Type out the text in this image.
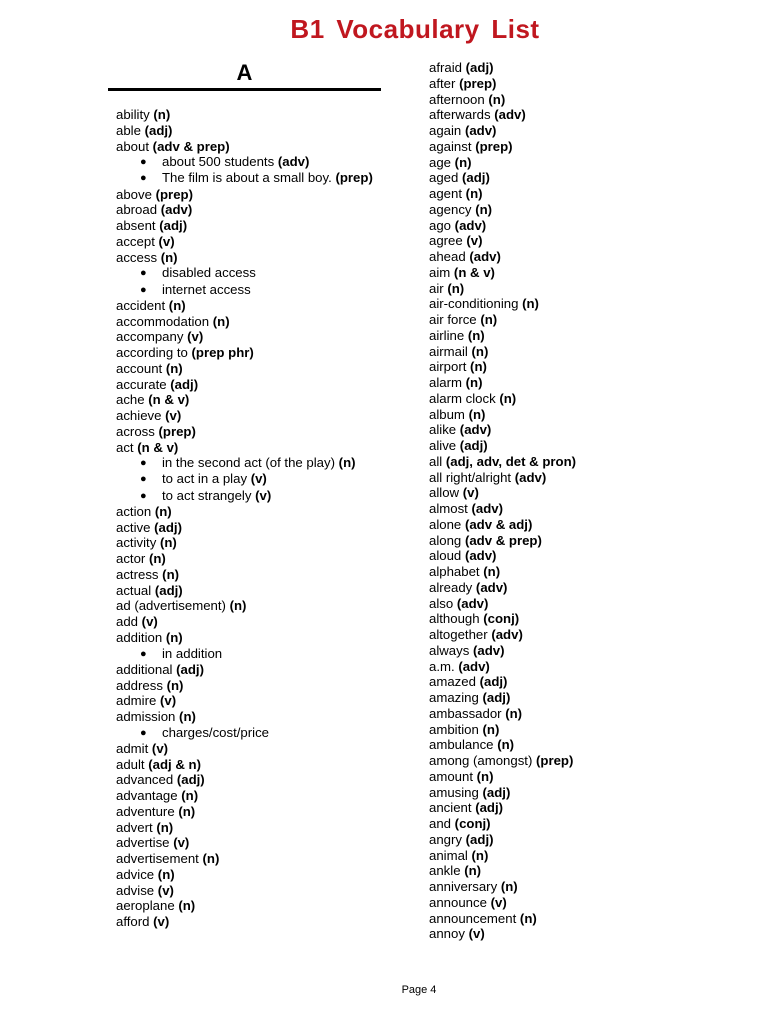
B1 Vocabulary List
A
ability (n)
able (adj)
about (adv & prep)
● about 500 students (adv)
● The film is about a small boy. (prep)
above (prep)
abroad (adv)
absent (adj)
accept (v)
access (n)
● disabled access
● internet access
accident (n)
accommodation (n)
accompany (v)
according to (prep phr)
account (n)
accurate (adj)
ache (n & v)
achieve (v)
across (prep)
act (n & v)
● in the second act (of the play) (n)
● to act in a play (v)
● to act strangely (v)
action (n)
active (adj)
activity (n)
actor (n)
actress (n)
actual (adj)
ad (advertisement) (n)
add (v)
addition (n)
● in addition
additional (adj)
address (n)
admire (v)
admission (n)
● charges/cost/price
admit (v)
adult (adj & n)
advanced (adj)
advantage (n)
adventure (n)
advert (n)
advertise (v)
advertisement (n)
advice (n)
advise (v)
aeroplane (n)
afford (v)
afraid (adj)
after (prep)
afternoon (n)
afterwards (adv)
again (adv)
against (prep)
age (n)
aged (adj)
agent (n)
agency (n)
ago (adv)
agree (v)
ahead (adv)
aim (n & v)
air (n)
air-conditioning (n)
air force (n)
airline (n)
airmail (n)
airport (n)
alarm (n)
alarm clock (n)
album (n)
alike (adv)
alive (adj)
all (adj, adv, det & pron)
all right/alright (adv)
allow (v)
almost (adv)
alone (adv & adj)
along (adv & prep)
aloud (adv)
alphabet (n)
already (adv)
also (adv)
although (conj)
altogether (adv)
always (adv)
a.m. (adv)
amazed (adj)
amazing (adj)
ambassador (n)
ambition (n)
ambulance (n)
among (amongst) (prep)
amount (n)
amusing (adj)
ancient (adj)
and (conj)
angry (adj)
animal (n)
ankle (n)
anniversary (n)
announce (v)
announcement (n)
annoy (v)
Page 4
